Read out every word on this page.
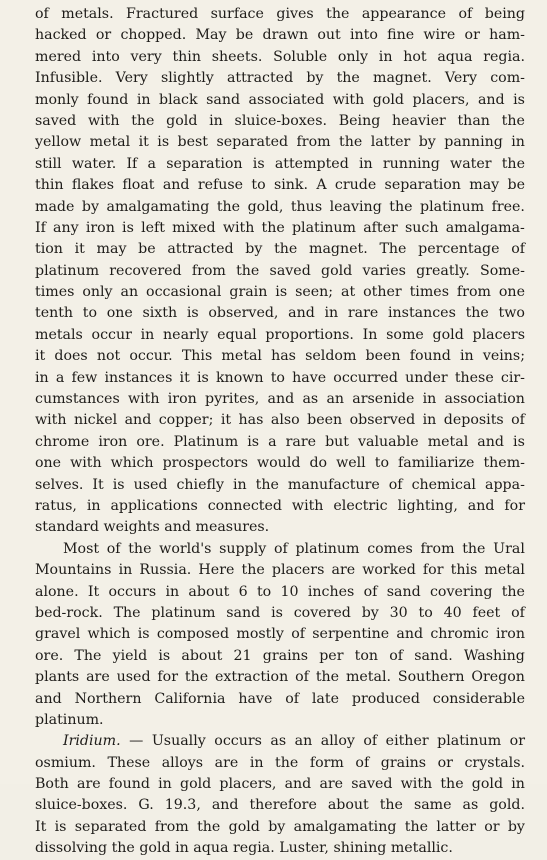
of metals. Fractured surface gives the appearance of being
hacked or chopped. May be drawn out into fine wire or ham-
mered into very thin sheets. Soluble only in hot aqua regia.
Infusible. Very slightly attracted by the magnet. Very com-
monly found in black sand associated with gold placers, and is
saved with the gold in sluice-boxes. Being heavier than the
yellow metal it is best separated from the latter by panning in
still water. If a separation is attempted in running water the
thin flakes float and refuse to sink. A crude separation may be
made by amalgamating the gold, thus leaving the platinum free.
If any iron is left mixed with the platinum after such amalgama-
tion it may be attracted by the magnet. The percentage of
platinum recovered from the saved gold varies greatly. Some-
times only an occasional grain is seen; at other times from one
tenth to one sixth is observed, and in rare instances the two
metals occur in nearly equal proportions. In some gold placers
it does not occur. This metal has seldom been found in veins;
in a few instances it is known to have occurred under these cir-
cumstances with iron pyrites, and as an arsenide in association
with nickel and copper; it has also been observed in deposits of
chrome iron ore. Platinum is a rare but valuable metal and is
one with which prospectors would do well to familiarize them-
selves. It is used chiefly in the manufacture of chemical appa-
ratus, in applications connected with electric lighting, and for
standard
weights
and
measures.
Most of the world's supply of platinum comes from the Ural
Mountains in Russia. Here the placers are worked for this metal
alone. It occurs in about 6 to 10 inches of sand covering the
bed-rock. The platinum sand is covered by 30 to 40 feet of
gravel which is composed mostly of serpentine and chromic iron
ore. The yield is about 21 grains per ton of sand. Washing
plants are used for the extraction of the metal. Southern Oregon
and Northern California have of late produced considerable
platinum.
Iridium. — Usually occurs as an alloy of either platinum or
osmium. These alloys are in the form of grains or crystals.
Both are found in gold placers, and are saved with the gold in
sluice-boxes. G. 19.3, and therefore about the same as gold.
It is separated from the gold by amalgamating the latter or by
dissolving
the
gold
in
aqua
regia.
Luster,
shining
metallic.
